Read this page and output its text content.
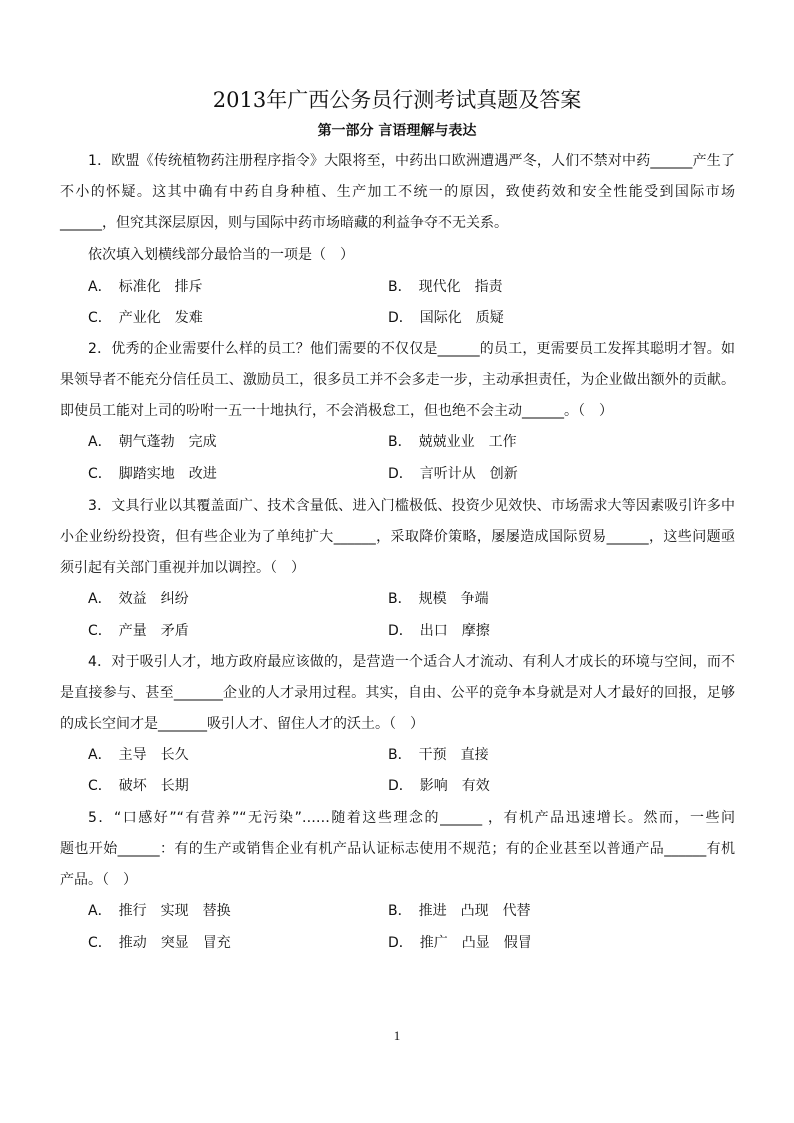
2013年广西公务员行测考试真题及答案
第一部分 言语理解与表达
1．欧盟《传统植物药注册程序指令》大限将至，中药出口欧洲遭遇严冬，人们不禁对中药______产生了
不小的怀疑。这其中确有中药自身种植、生产加工不统一的原因，致使药效和安全性能受到国际市场
______，但究其深层原因，则与国际中药市场暗藏的利益争夺不无关系。
依次填入划横线部分最恰当的一项是（　）
A．　标准化　排斥	B．　现代化　指责
C．　产业化　发难	D．　国际化　质疑
2．优秀的企业需要什么样的员工？他们需要的不仅仅是______的员工，更需要员工发挥其聪明才智。如
果领导者不能充分信任员工、激励员工，很多员工并不会多走一步，主动承担责任，为企业做出额外的贡献。
即使员工能对上司的吩咐一五一十地执行，不会消极怠工，但也绝不会主动______。（　）
A．　朝气蓬勃　完成	B．　兢兢业业　工作
C．　脚踏实地　改进	D．　言听计从　创新
3．文具行业以其覆盖面广、技术含量低、进入门槛极低、投资少见效快、市场需求大等因素吸引许多中
小企业纷纷投资，但有些企业为了单纯扩大______，采取降价策略，屡屡造成国际贸易______，这些问题亟
须引起有关部门重视并加以调控。（　）
A．　效益　纠纷	B．　规模　争端
C．　产量　矛盾	D．　出口　摩擦
4．对于吸引人才，地方政府最应该做的，是营造一个适合人才流动、有利人才成长的环境与空间，而不
是直接参与、甚至_______企业的人才录用过程。其实，自由、公平的竞争本身就是对人才最好的回报，足够
的成长空间才是_______吸引人才、留住人才的沃土。（　）
A．　主导　长久	B．　干预　直接
C．　破坏　长期	D．　影响　有效
5．“口感好”“有营养”“无污染”……随着这些理念的______ ，有机产品迅速增长。然而，一些问
题也开始______：有的生产或销售企业有机产品认证标志使用不规范；有的企业甚至以普通产品______有机
产品。（　）
A．　推行　实现　替换	B．　推进　凸现　代替
C．　推动　突显　冒充	D．　推广　凸显　假冒
1
